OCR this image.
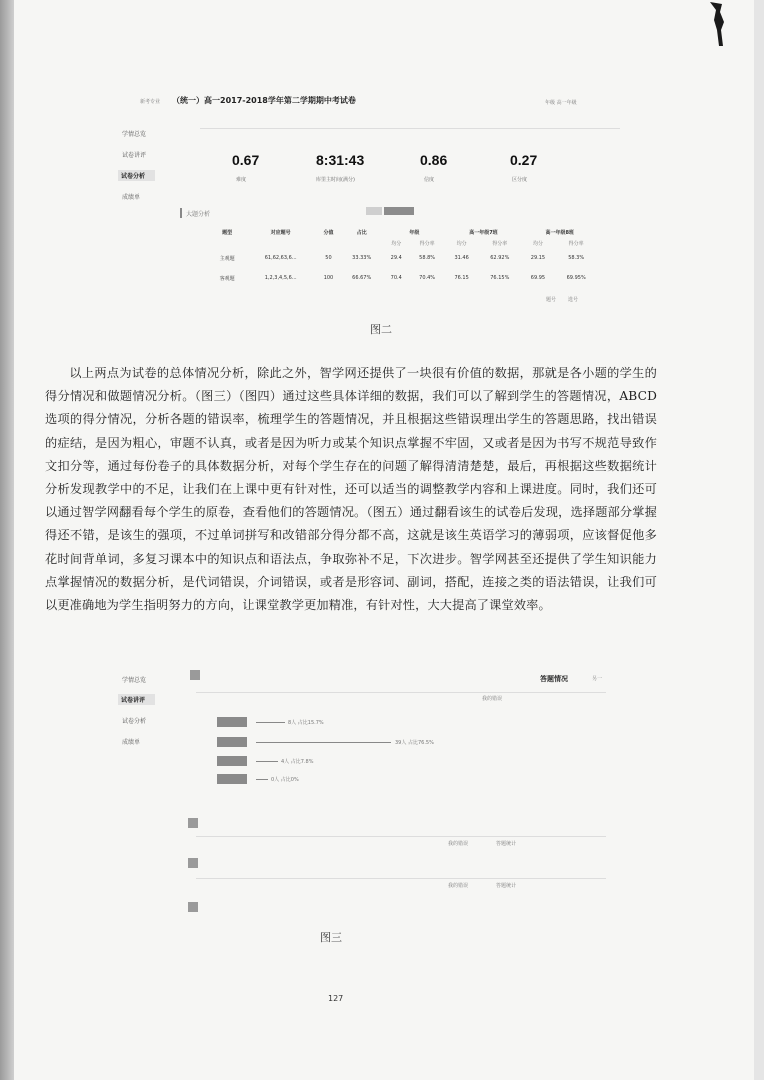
新考专业 （统一）高一2017-2018学年第二学期期中考试卷	年级 高一年级
学情总览
试卷讲评
试卷分析
成绩单
0.67
难度
8:31:43
库里主时间(满分)
0.86
信度
0.27
区分度
大题分析
题型	对应题号	分值	占比	年级		高一年级7班		高一年级8班	
				均分	得分率	均分	得分率	均分	得分率
主观题	61,62,63,6...	50	33.33%	29.4	58.8%	31.46	62.92%	29.15	58.3%
客观题	1,2,3,4,5,6...	100	66.67%	70.4	70.4%	76.15	76.15%	69.95	69.95%
题号 选号
图二
以上两点为试卷的总体情况分析，除此之外，智学网还提供了一块很有价值的数据，那就是各小题的学生的得分情况和做题情况分析。（图三）（图四）通过这些具体详细的数据，我们可以了解到学生的答题情况，ABCD 选项的得分情况，分析各题的错误率，梳理学生的答题情况，并且根据这些错误理出学生的答题思路，找出错误的症结，是因为粗心，审题不认真，或者是因为听力或某个知识点掌握不牢固，又或者是因为书写不规范导致作文扣分等，通过每份卷子的具体数据分析，对每个学生存在的问题了解得清清楚楚，最后，再根据这些数据统计分析发现教学中的不足，让我们在上课中更有针对性，还可以适当的调整教学内容和上课进度。同时，我们还可以通过智学网翻看每个学生的原卷，查看他们的答题情况。（图五）通过翻看该生的试卷后发现，选择题部分掌握得还不错，是该生的强项，不过单词拼写和改错部分得分都不高，这就是该生英语学习的薄弱项，应该督促他多花时间背单词，多复习课本中的知识点和语法点，争取弥补不足，下次进步。智学网甚至还提供了学生知识能力点掌握情况的数据分析，是代词错误，介词错误，或者是形容词、副词，搭配，连接之类的语法错误，让我们可以更准确地为学生指明努力的方向，让课堂教学更加精准，有针对性，大大提高了课堂效率。
学情总览
试卷讲评
试卷分析
成绩单
答题情况	另一
我的错误
8人 占比15.7%
39人 占比76.5%
4人 占比7.8%
0人 占比0%
我的错误	答题统计
我的错误	答题统计
图三
127
